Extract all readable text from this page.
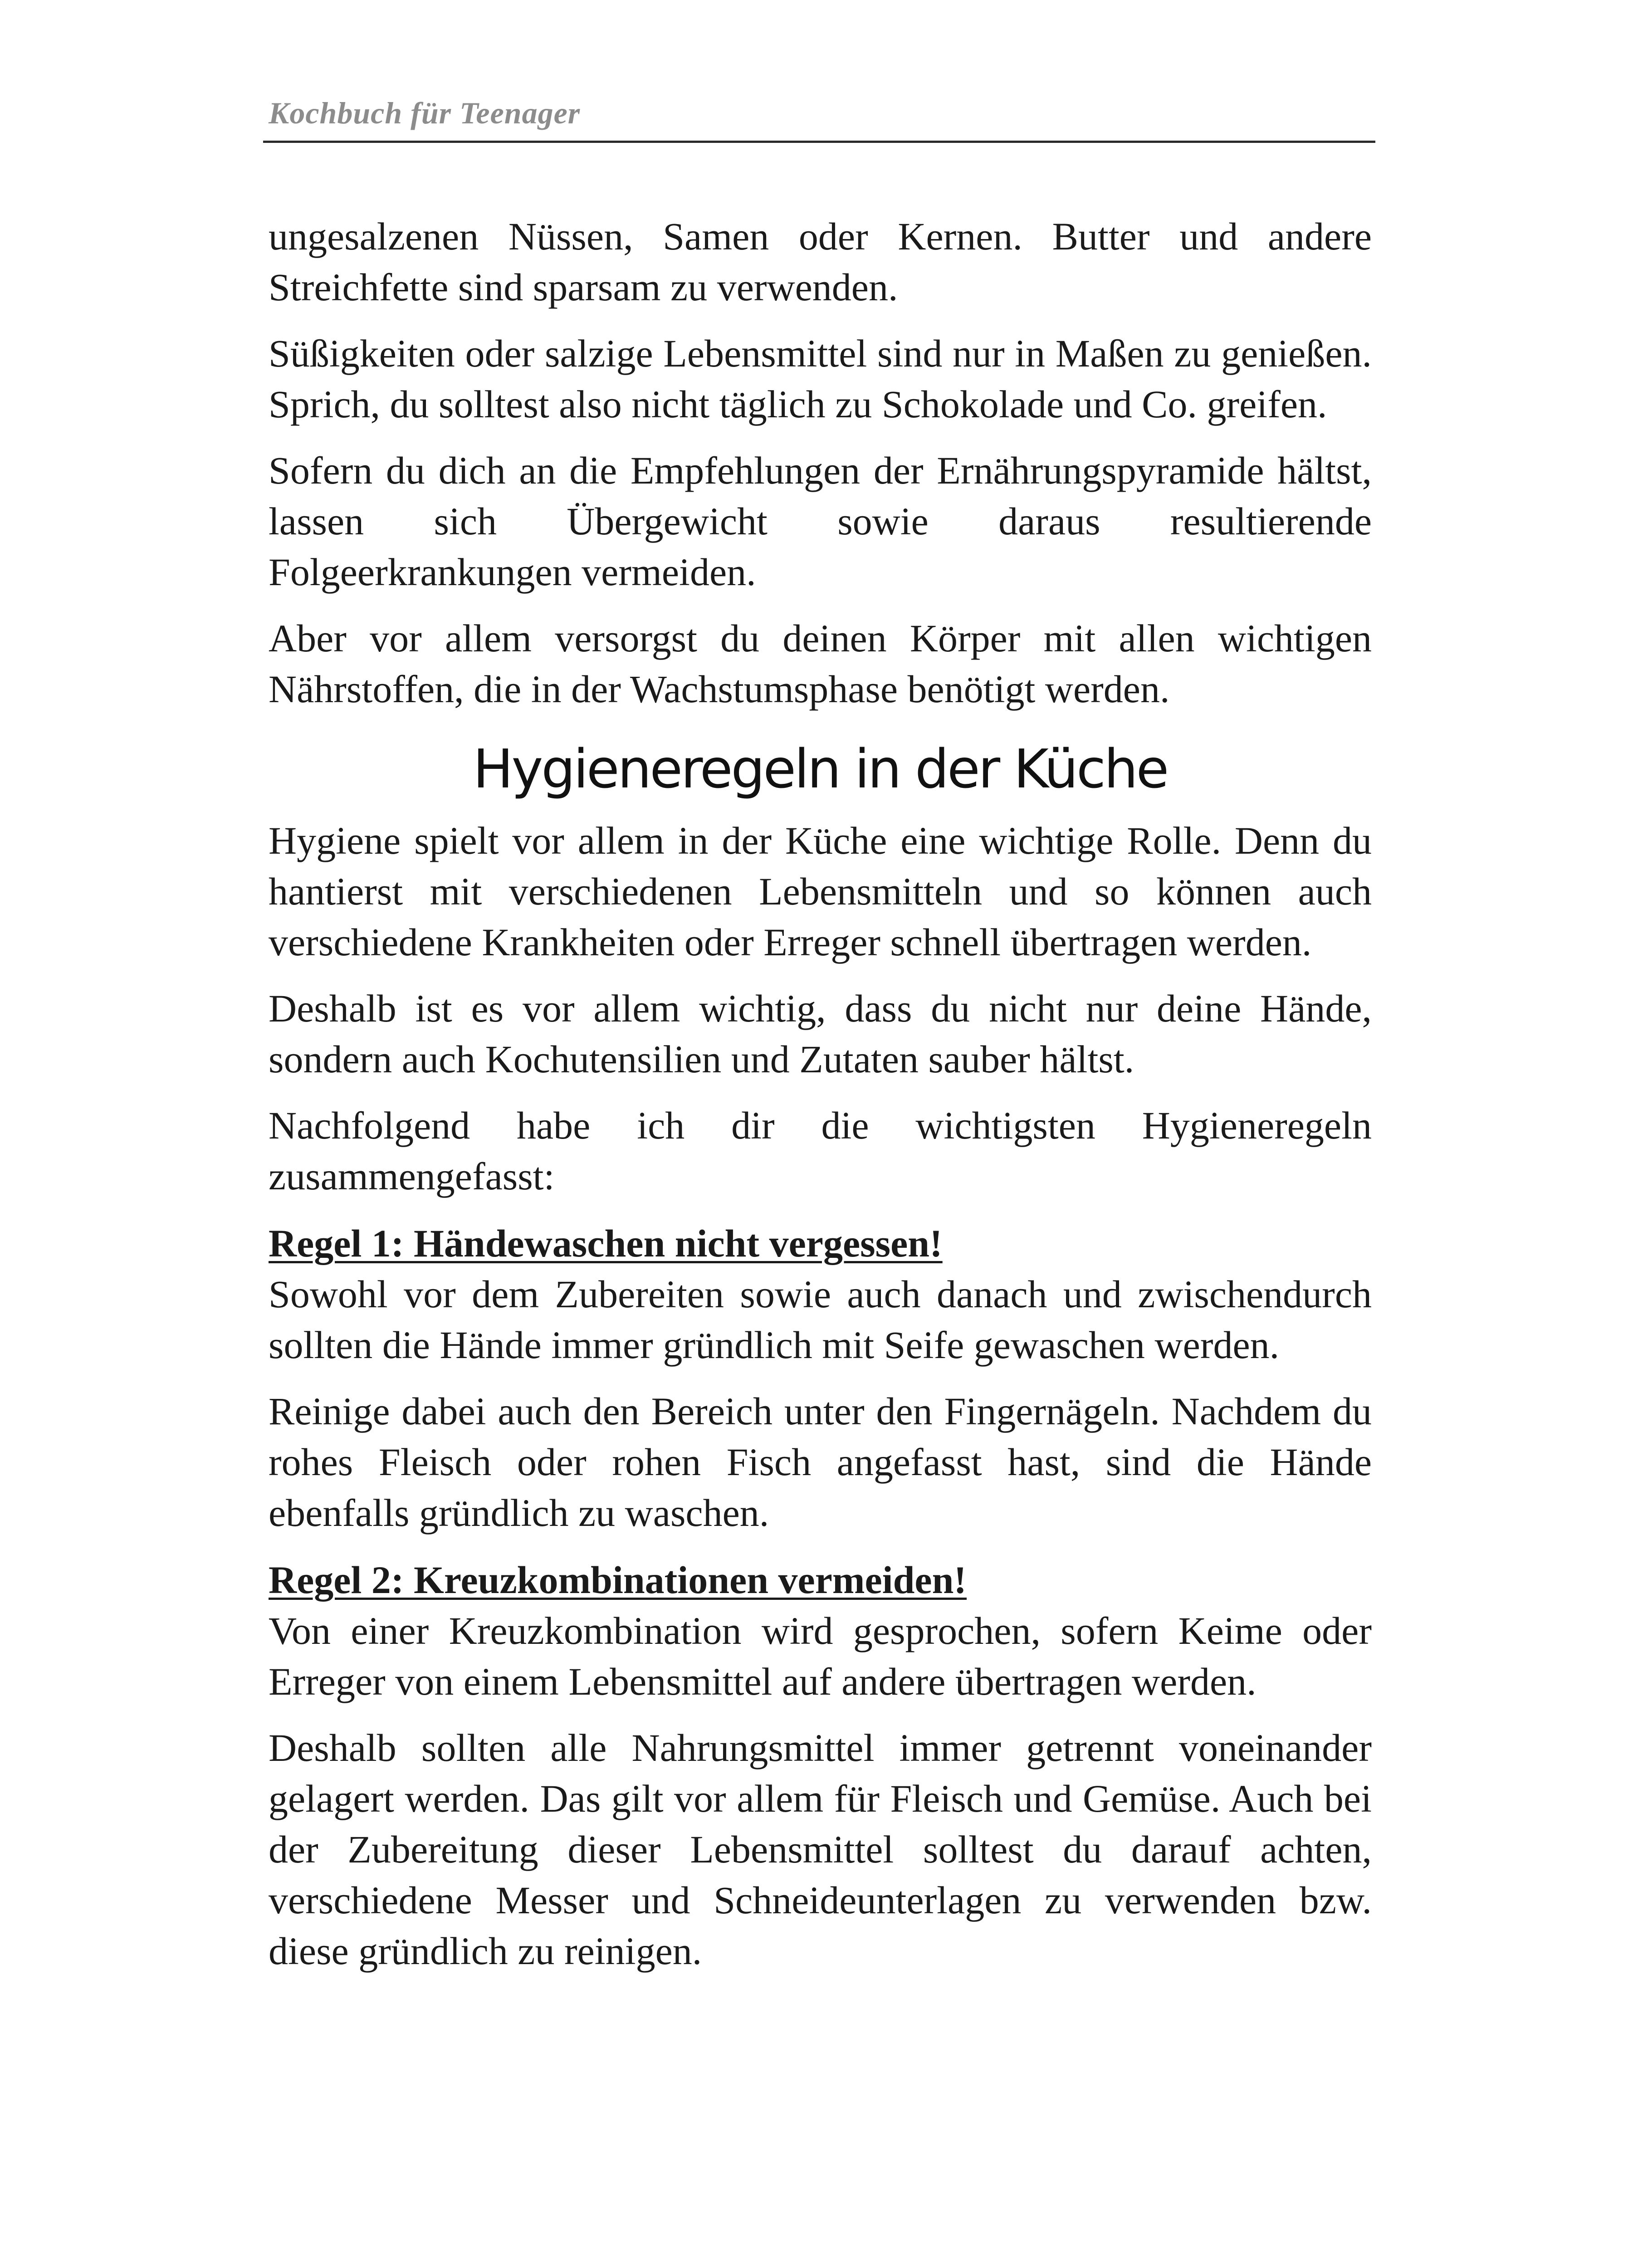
Kochbuch für Teenager

ungesalzenen Nüssen, Samen oder Kernen. Butter und andere Streichfette sind sparsam zu verwenden.

Süßigkeiten oder salzige Lebensmittel sind nur in Maßen zu genießen. Sprich, du solltest also nicht täglich zu Schokolade und Co. greifen.

Sofern du dich an die Empfehlungen der Ernährungspyramide hältst, lassen sich Übergewicht sowie daraus resultierende Folgeerkrankungen vermeiden.

Aber vor allem versorgst du deinen Körper mit allen wichtigen Nährstoffen, die in der Wachstumsphase benötigt werden.

Hygieneregeln in der Küche

Hygiene spielt vor allem in der Küche eine wichtige Rolle. Denn du hantierst mit verschiedenen Lebensmitteln und so können auch verschiedene Krankheiten oder Erreger schnell übertragen werden.

Deshalb ist es vor allem wichtig, dass du nicht nur deine Hände, sondern auch Kochutensilien und Zutaten sauber hältst.

Nachfolgend habe ich dir die wichtigsten Hygieneregeln zusammengefasst:

Regel 1: Händewaschen nicht vergessen!

Sowohl vor dem Zubereiten sowie auch danach und zwischendurch sollten die Hände immer gründlich mit Seife gewaschen werden.

Reinige dabei auch den Bereich unter den Fingernägeln. Nachdem du rohes Fleisch oder rohen Fisch angefasst hast, sind die Hände ebenfalls gründlich zu waschen.

Regel 2: Kreuzkombinationen vermeiden!

Von einer Kreuzkombination wird gesprochen, sofern Keime oder Erreger von einem Lebensmittel auf andere übertragen werden.

Deshalb sollten alle Nahrungsmittel immer getrennt voneinander gelagert werden. Das gilt vor allem für Fleisch und Gemüse. Auch bei der Zubereitung dieser Lebensmittel solltest du darauf achten, verschiedene Messer und Schneideunterlagen zu verwenden bzw. diese gründlich zu reinigen.
